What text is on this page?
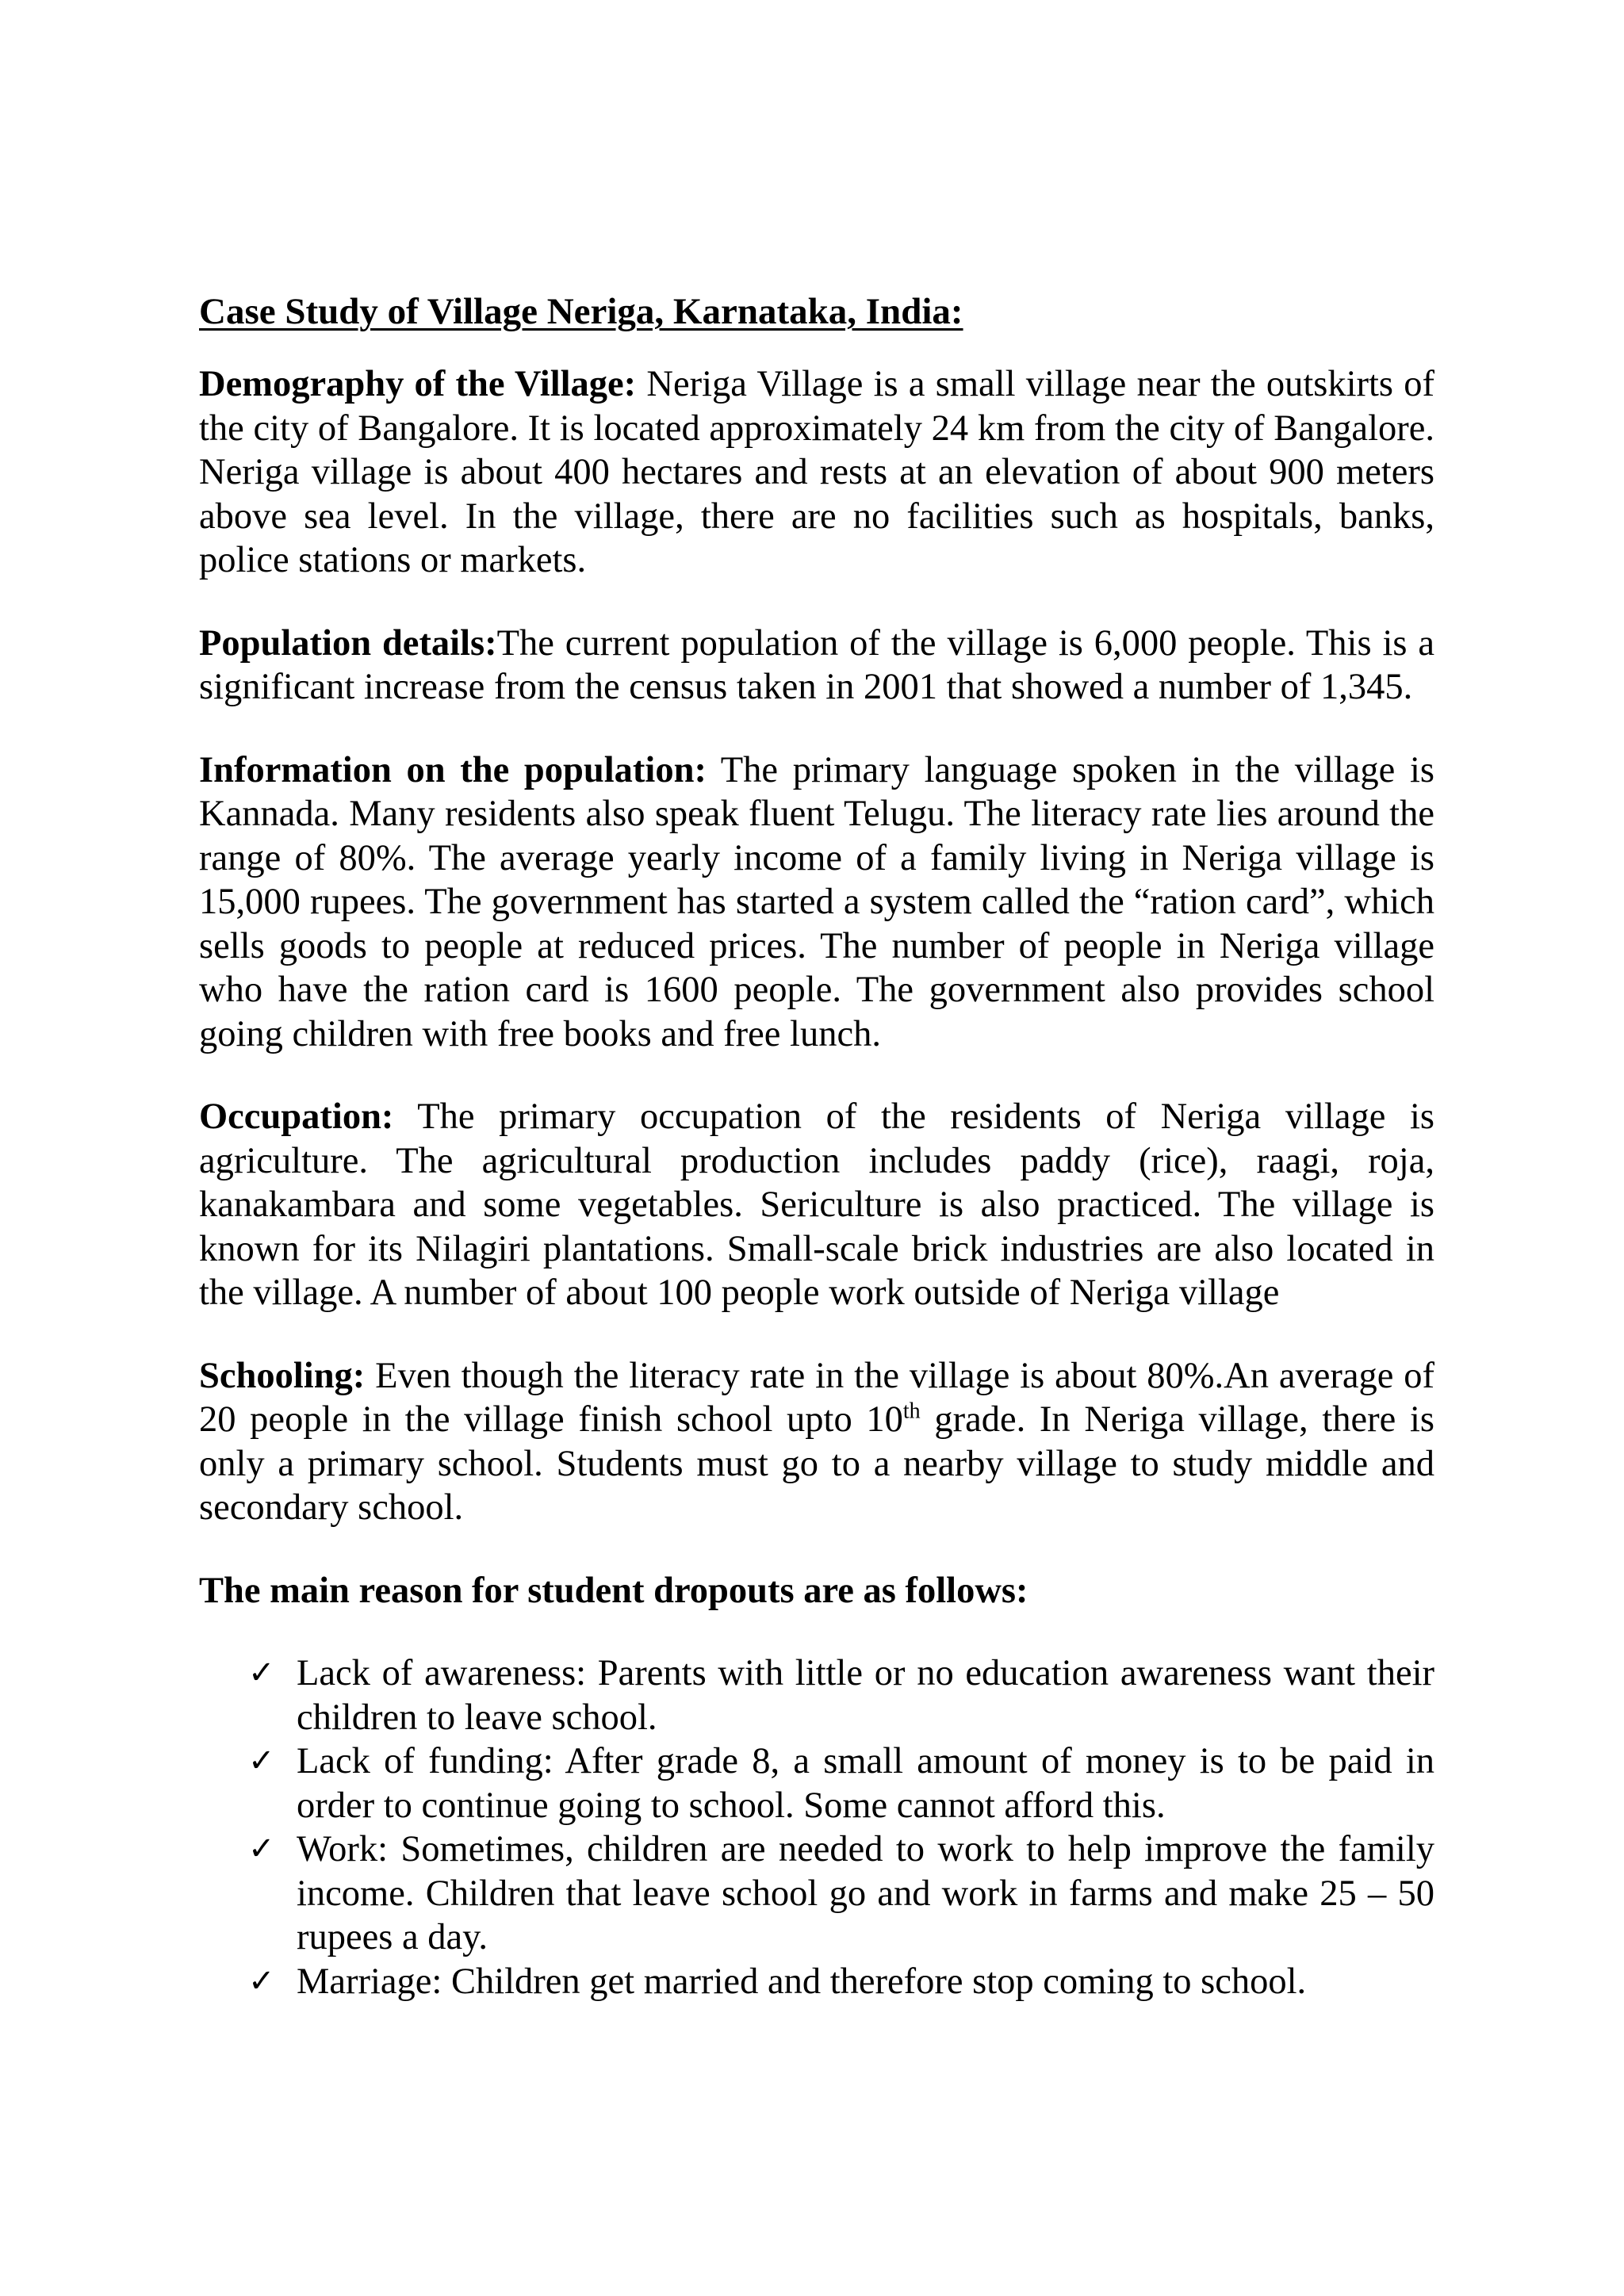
Case Study of Village Neriga, Karnataka, India:

Demography of the Village: Neriga Village is a small village near the outskirts of the city of Bangalore. It is located approximately 24 km from the city of Bangalore. Neriga village is about 400 hectares and rests at an elevation of about 900 meters above sea level. In the village, there are no facilities such as hospitals, banks, police stations or markets.

Population details:The current population of the village is 6,000 people. This is a significant increase from the census taken in 2001 that showed a number of 1,345.

Information on the population: The primary language spoken in the village is Kannada. Many residents also speak fluent Telugu. The literacy rate lies around the range of 80%. The average yearly income of a family living in Neriga village is 15,000 rupees. The government has started a system called the “ration card”, which sells goods to people at reduced prices. The number of people in Neriga village who have the ration card is 1600 people. The government also provides school going children with free books and free lunch.

Occupation: The primary occupation of the residents of Neriga village is agriculture. The agricultural production includes paddy (rice), raagi, roja, kanakambara and some vegetables. Sericulture is also practiced. The village is known for its Nilagiri plantations. Small-scale brick industries are also located in the village. A number of about 100 people work outside of Neriga village

Schooling: Even though the literacy rate in the village is about 80%.An average of 20 people in the village finish school upto 10th grade. In Neriga village, there is only a primary school. Students must go to a nearby village to study middle and secondary school.

The main reason for student dropouts are as follows:
✓ Lack of awareness: Parents with little or no education awareness want their children to leave school.
✓ Lack of funding: After grade 8, a small amount of money is to be paid in order to continue going to school. Some cannot afford this.
✓ Work: Sometimes, children are needed to work to help improve the family income. Children that leave school go and work in farms and make 25 – 50 rupees a day.
✓ Marriage: Children get married and therefore stop coming to school.
